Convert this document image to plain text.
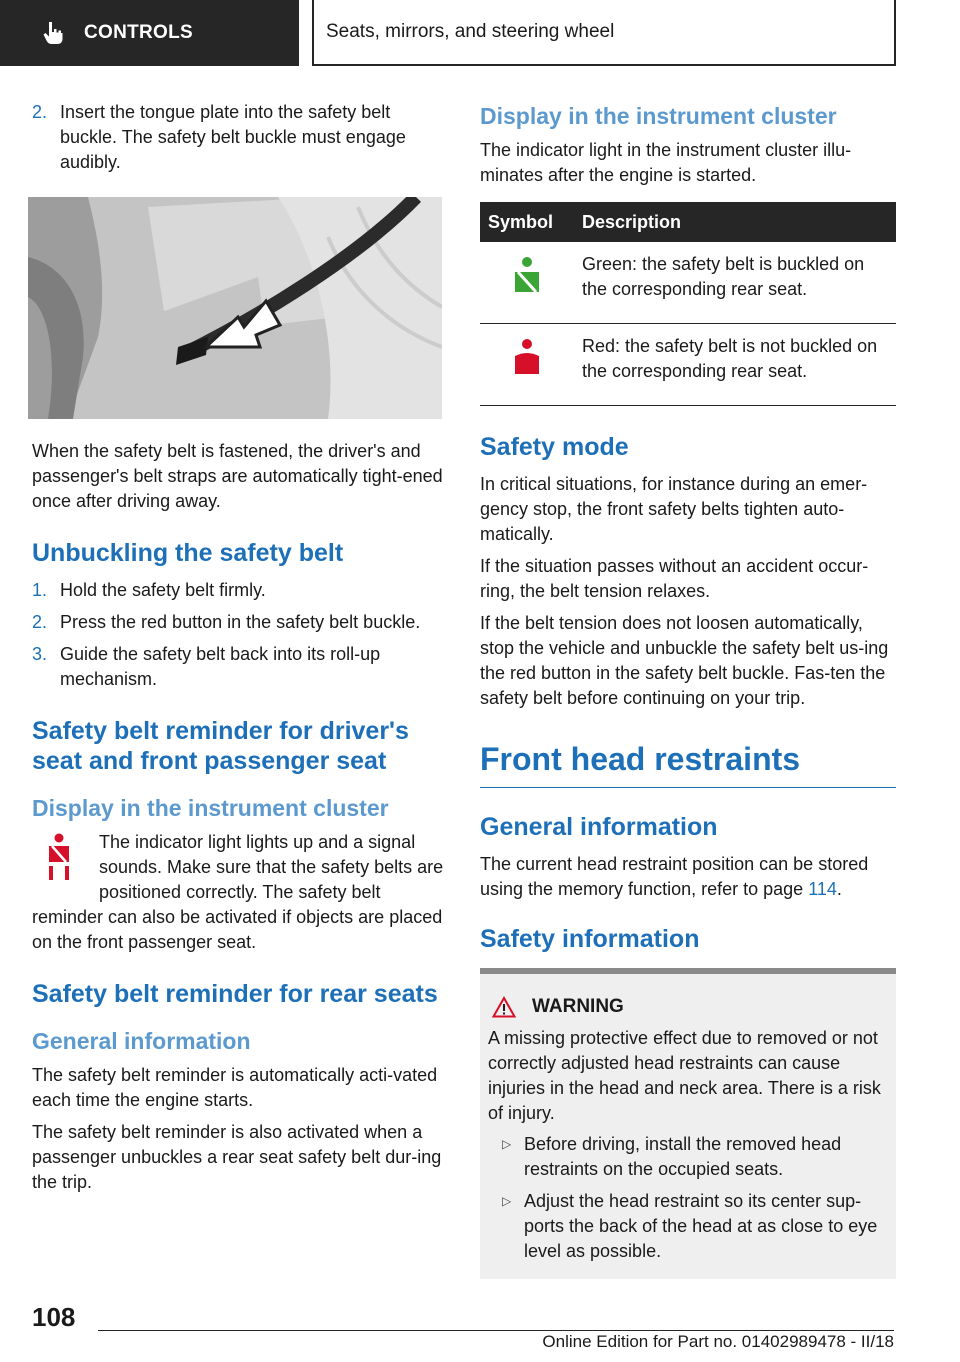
CONTROLS	Seats, mirrors, and steering wheel
2. Insert the tongue plate into the safety belt buckle. The safety belt buckle must engage audibly.

When the safety belt is fastened, the driver's and passenger's belt straps are automatically tight‐ened once after driving away.

Unbuckling the safety belt
1. Hold the safety belt firmly.
2. Press the red button in the safety belt buckle.
3. Guide the safety belt back into its roll-up mechanism.
Safety belt reminder for driver's seat and front passenger seat
Display in the instrument cluster
The indicator light lights up and a signal sounds. Make sure that the safety belts are positioned correctly. The safety belt

reminder can also be activated if objects are placed on the front passenger seat.

Safety belt reminder for rear seats
General information

The safety belt reminder is automatically acti‐vated each time the engine starts.

The safety belt reminder is also activated when a passenger unbuckles a rear seat safety belt dur‐ing the trip.

Display in the instrument cluster

The indicator light in the instrument cluster illu‐minates after the engine is started.

Symbol	Description
	Green: the safety belt is buckled on the corresponding rear seat.
	Red: the safety belt is not buckled on the corresponding rear seat.
Safety mode

In critical situations, for instance during an emer‐gency stop, the front safety belts tighten auto‐matically.

If the situation passes without an accident occur‐ring, the belt tension relaxes.

If the belt tension does not loosen automatically, stop the vehicle and unbuckle the safety belt us‐ing the red button in the safety belt buckle. Fas‐ten the safety belt before continuing on your trip.

Front head restraints
General information

The current head restraint position can be stored using the memory function, refer to page 114.

Safety information
WARNING

A missing protective effect due to removed or not correctly adjusted head restraints can cause injuries in the head and neck area. There is a risk of injury.

▷ Before driving, install the removed head restraints on the occupied seats.
▷ Adjust the head restraint so its center sup‐ports the back of the head at as close to eye level as possible.
108
Online Edition for Part no. 01402989478 - II/18
